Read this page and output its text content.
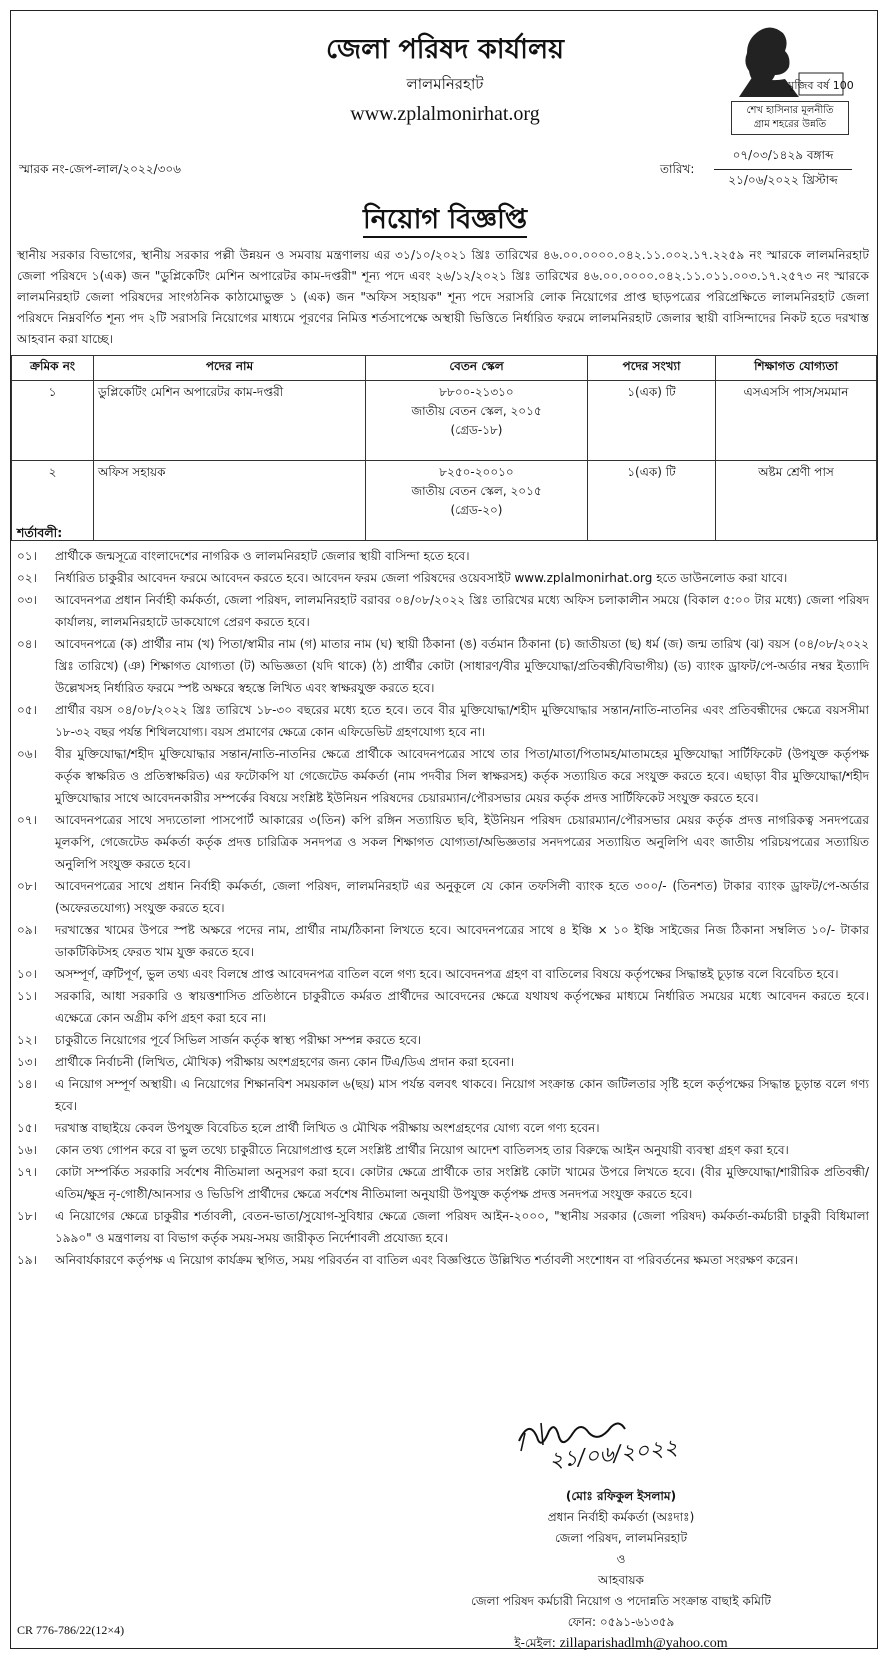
জেলা পরিষদ কার্যালয়
লালমনিরহাট
www.zplalmonirhat.org
মুজিব বর্ষ 100
শেখ হাসিনার মূলনীতি
গ্রাম শহরের উন্নতি
স্মারক নং-জেপ-লাল/২০২২/৩০৬	তারিখ:
০৭/০৩/১৪২৯ বঙ্গাব্দ
২১/০৬/২০২২ খ্রিস্টাব্দ
নিয়োগ বিজ্ঞপ্তি
স্থানীয় সরকার বিভাগের, স্থানীয় সরকার পল্লী উন্নয়ন ও সমবায় মন্ত্রণালয় এর ৩১/১০/২০২১ খ্রিঃ তারিখের ৪৬.০০.০০০০.০৪২.১১.০০২.১৭.২২৫৯ নং স্মারকে লালমনিরহাট জেলা পরিষদে ১(এক) জন "ডুপ্লিকেটিং মেশিন অপারেটর কাম-দপ্তরী" শূন্য পদে এবং ২৬/১২/২০২১ খ্রিঃ তারিখের ৪৬.০০.০০০০.০৪২.১১.০১১.০০৩.১৭.২৫৭৩ নং স্মারকে লালমনিরহাট জেলা পরিষদের সাংগঠনিক কাঠামোভুক্ত ১ (এক) জন "অফিস সহায়ক" শূন্য পদে সরাসরি লোক নিয়োগের প্রাপ্ত ছাড়পত্রের পরিপ্রেক্ষিতে লালমনিরহাট জেলা পরিষদে নিম্নবর্ণিত শূন্য পদ ২টি সরাসরি নিয়োগের মাধ্যমে পূরণের নিমিত্ত শর্তসাপেক্ষে অস্থায়ী ভিত্তিতে নির্ধারিত ফরমে লালমনিরহাট জেলার স্থায়ী বাসিন্দাদের নিকট হতে দরখাস্ত আহবান করা যাচ্ছে।
ক্রমিক নং	পদের নাম	বেতন স্কেল	পদের সংখ্যা	শিক্ষাগত যোগ্যতা
১	ডুপ্লিকেটিং মেশিন অপারেটর কাম-দপ্তরী	৮৮০০-২১৩১০
জাতীয় বেতন স্কেল, ২০১৫
(গ্রেড-১৮)	১(এক) টি	এসএসসি পাস/সমমান
২	অফিস সহায়ক	৮২৫০-২০০১০
জাতীয় বেতন স্কেল, ২০১৫
(গ্রেড-২০)	১(এক) টি	অষ্টম শ্রেণী পাস
শর্তাবলী:
০১।	প্রার্থীকে জন্মসূত্রে বাংলাদেশের নাগরিক ও লালমনিরহাট জেলার স্থায়ী বাসিন্দা হতে হবে।
০২।	নির্ধারিত চাকুরীর আবেদন ফরমে আবেদন করতে হবে। আবেদন ফরম জেলা পরিষদের ওয়েবসাইট www.zplalmonirhat.org হতে ডাউনলোড করা যাবে।
০৩।	আবেদনপত্র প্রধান নির্বাহী কর্মকর্তা, জেলা পরিষদ, লালমনিরহাট বরাবর ০৪/০৮/২০২২ খ্রিঃ তারিখের মধ্যে অফিস চলাকালীন সময়ে (বিকাল ৫:০০ টার মধ্যে) জেলা পরিষদ কার্যালয়, লালমনিরহাটে ডাকযোগে প্রেরণ করতে হবে।
০৪।	আবেদনপত্রে (ক) প্রার্থীর নাম (খ) পিতা/স্বামীর নাম (গ) মাতার নাম (ঘ) স্থায়ী ঠিকানা (ঙ) বর্তমান ঠিকানা (চ) জাতীয়তা (ছ) ধর্ম (জ) জন্ম তারিখ (ঝ) বয়স (০৪/০৮/২০২২ খ্রিঃ তারিখে) (ঞ) শিক্ষাগত যোগ্যতা (ট) অভিজ্ঞতা (যদি থাকে) (ঠ) প্রার্থীর কোটা (সাধারণ/বীর মুক্তিযোদ্ধা/প্রতিবন্ধী/বিভাগীয়) (ড) ব্যাংক ড্রাফট/পে-অর্ডার নম্বর ইত্যাদি উল্লেখসহ নির্ধারিত ফরমে স্পষ্ট অক্ষরে স্বহস্তে লিখিত এবং স্বাক্ষরযুক্ত করতে হবে।
০৫।	প্রার্থীর বয়স ০৪/০৮/২০২২ খ্রিঃ তারিখে ১৮-৩০ বছরের মধ্যে হতে হবে। তবে বীর মুক্তিযোদ্ধা/শহীদ মুক্তিযোদ্ধার সন্তান/নাতি-নাতনির এবং প্রতিবন্ধীদের ক্ষেত্রে বয়সসীমা ১৮-৩২ বছর পর্যন্ত শিথিলযোগ্য। বয়স প্রমাণের ক্ষেত্রে কোন এফিডেভিট গ্রহণযোগ্য হবে না।
০৬।	বীর মুক্তিযোদ্ধা/শহীদ মুক্তিযোদ্ধার সন্তান/নাতি-নাতনির ক্ষেত্রে প্রার্থীকে আবেদনপত্রের সাথে তার পিতা/মাতা/পিতামহ/মাতামহের মুক্তিযোদ্ধা সার্টিফিকেট (উপযুক্ত কর্তৃপক্ষ কর্তৃক স্বাক্ষরিত ও প্রতিস্বাক্ষরিত) এর ফটোকপি যা গেজেটেড কর্মকর্তা (নাম পদবীর সিল স্বাক্ষরসহ) কর্তৃক সত্যায়িত করে সংযুক্ত করতে হবে। এছাড়া বীর মুক্তিযোদ্ধা/শহীদ মুক্তিযোদ্ধার সাথে আবেদনকারীর সম্পর্কের বিষয়ে সংশ্লিষ্ট ইউনিয়ন পরিষদের চেয়ারম্যান/পৌরসভার মেয়র কর্তৃক প্রদত্ত সার্টিফিকেট সংযুক্ত করতে হবে।
০৭।	আবেদনপত্রের সাথে সদ্যতোলা পাসপোর্ট আকারের ৩(তিন) কপি রঙ্গিন সত্যায়িত ছবি, ইউনিয়ন পরিষদ চেয়ারম্যান/পৌরসভার মেয়র কর্তৃক প্রদত্ত নাগরিকত্ব সনদপত্রের মূলকপি, গেজেটেড কর্মকর্তা কর্তৃক প্রদত্ত চারিত্রিক সনদপত্র ও সকল শিক্ষাগত যোগ্যতা/অভিজ্ঞতার সনদপত্রের সত্যায়িত অনুলিপি এবং জাতীয় পরিচয়পত্রের সত্যায়িত অনুলিপি সংযুক্ত করতে হবে।
০৮।	আবেদনপত্রের সাথে প্রধান নির্বাহী কর্মকর্তা, জেলা পরিষদ, লালমনিরহাট এর অনুকূলে যে কোন তফসিলী ব্যাংক হতে ৩০০/- (তিনশত) টাকার ব্যাংক ড্রাফট/পে-অর্ডার (অফেরতযোগ্য) সংযুক্ত করতে হবে।
০৯।	দরখাস্তের খামের উপরে স্পষ্ট অক্ষরে পদের নাম, প্রার্থীর নাম/ঠিকানা লিখতে হবে। আবেদনপত্রের সাথে ৪ ইঞ্চি × ১০ ইঞ্চি সাইজের নিজ ঠিকানা সম্বলিত ১০/- টাকার ডাকটিকিটসহ ফেরত খাম যুক্ত করতে হবে।
১০।	অসম্পূর্ণ, ত্রুটিপূর্ণ, ভুল তথ্য এবং বিলম্বে প্রাপ্ত আবেদনপত্র বাতিল বলে গণ্য হবে। আবেদনপত্র গ্রহণ বা বাতিলের বিষয়ে কর্তৃপক্ষের সিদ্ধান্তই চূড়ান্ত বলে বিবেচিত হবে।
১১।	সরকারি, আধা সরকারি ও স্বায়ত্তশাসিত প্রতিষ্ঠানে চাকুরীতে কর্মরত প্রার্থীদের আবেদনের ক্ষেত্রে যথাযথ কর্তৃপক্ষের মাধ্যমে নির্ধারিত সময়ের মধ্যে আবেদন করতে হবে। এক্ষেত্রে কোন অগ্রীম কপি গ্রহণ করা হবে না।
১২।	চাকুরীতে নিয়োগের পূর্বে সিভিল সার্জন কর্তৃক স্বাস্থ্য পরীক্ষা সম্পন্ন করতে হবে।
১৩।	প্রার্থীকে নির্বাচনী (লিখিত, মৌখিক) পরীক্ষায় অংশগ্রহণের জন্য কোন টিএ/ডিএ প্রদান করা হবেনা।
১৪।	এ নিয়োগ সম্পূর্ণ অস্থায়ী। এ নিয়োগের শিক্ষানবিশ সময়কাল ৬(ছয়) মাস পর্যন্ত বলবৎ থাকবে। নিয়োগ সংক্রান্ত কোন জটিলতার সৃষ্টি হলে কর্তৃপক্ষের সিদ্ধান্ত চূড়ান্ত বলে গণ্য হবে।
১৫।	দরখাস্ত বাছাইয়ে কেবল উপযুক্ত বিবেচিত হলে প্রার্থী লিখিত ও মৌখিক পরীক্ষায় অংশগ্রহণের যোগ্য বলে গণ্য হবেন।
১৬।	কোন তথ্য গোপন করে বা ভুল তথ্যে চাকুরীতে নিয়োগপ্রাপ্ত হলে সংশ্লিষ্ট প্রার্থীর নিয়োগ আদেশ বাতিলসহ তার বিরুদ্ধে আইন অনুযায়ী ব্যবস্থা গ্রহণ করা হবে।
১৭।	কোটা সম্পর্কিত সরকারি সর্বশেষ নীতিমালা অনুসরণ করা হবে। কোটার ক্ষেত্রে প্রার্থীকে তার সংশ্লিষ্ট কোটা খামের উপরে লিখতে হবে। (বীর মুক্তিযোদ্ধা/শারীরিক প্রতিবন্ধী/এতিম/ক্ষুদ্র নৃ-গোষ্ঠী/আনসার ও ভিডিপি প্রার্থীদের ক্ষেত্রে সর্বশেষ নীতিমালা অনুযায়ী উপযুক্ত কর্তৃপক্ষ প্রদত্ত সনদপত্র সংযুক্ত করতে হবে।
১৮।	এ নিয়োগের ক্ষেত্রে চাকুরীর শর্তাবলী, বেতন-ভাতা/সুযোগ-সুবিধার ক্ষেত্রে জেলা পরিষদ আইন-২০০০, "স্থানীয় সরকার (জেলা পরিষদ) কর্মকর্তা-কর্মচারী চাকুরী বিধিমালা ১৯৯০" ও মন্ত্রণালয় বা বিভাগ কর্তৃক সময়-সময় জারীকৃত নির্দেশাবলী প্রযোজ্য হবে।
১৯।	অনিবার্যকারণে কর্তৃপক্ষ এ নিয়োগ কার্যক্রম স্থগিত, সময় পরিবর্তন বা বাতিল এবং বিজ্ঞপ্তিতে উল্লিখিত শর্তাবলী সংশোধন বা পরিবর্তনের ক্ষমতা সংরক্ষণ করেন।
২১/০৬/২০২২
(মোঃ রফিকুল ইসলাম)
প্রধান নির্বাহী কর্মকর্তা (অঃদাঃ)
জেলা পরিষদ, লালমনিরহাট
ও
আহবায়ক
জেলা পরিষদ কর্মচারী নিয়োগ ও পদোন্নতি সংক্রান্ত বাছাই কমিটি
ফোন: ০৫৯১-৬১৩৫৯
ই-মেইল: zillaparishadlmh@yahoo.com
CR 776-786/22(12×4)
